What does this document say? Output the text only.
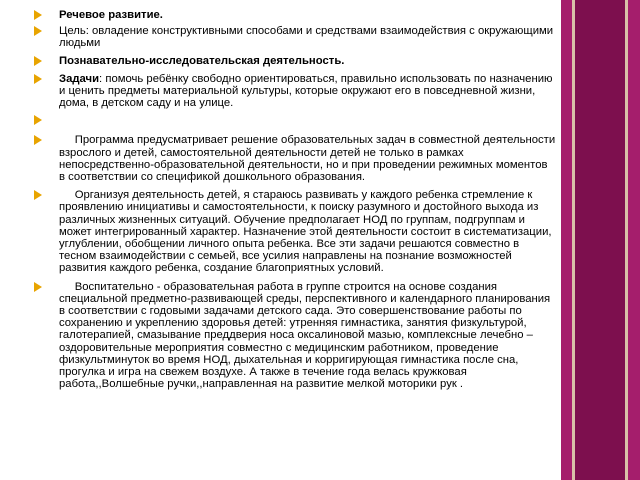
Речевое развитие.
Цель: овладение конструктивными способами и средствами взаимодействия с окружающими людьми
Познавательно-исследовательская деятельность.
Задачи: помочь ребёнку свободно ориентироваться, правильно использовать по назначению и ценить предметы материальной культуры, которые окружают его в повседневной жизни, дома, в детском саду и на улице.
Программа предусматривает решение образовательных задач в совместной деятельности взрослого и детей, самостоятельной деятельности детей не только в рамках непосредственно-образовательной деятельности, но и при проведении режимных моментов в соответствии со спецификой дошкольного образования.
Организуя деятельность детей, я стараюсь развивать у каждого ребенка стремление к проявлению инициативы и самостоятельности, к поиску разумного и достойного выхода из различных жизненных ситуаций. Обучение предполагает НОД по группам, подгруппам и может интегрированный характер. Назначение этой деятельности состоит в систематизации, углублении, обобщении личного опыта ребенка. Все эти задачи решаются совместно в тесном взаимодействии с семьей, все усилия направлены на познание возможностей развития каждого ребенка, создание благоприятных условий.
Воспитательно - образовательная работа в группе строится на основе создания специальной предметно-развивающей среды, перспективного и календарного планирования в соответствии с годовыми задачами детского сада. Это совершенствование работы по сохранению и укреплению здоровья детей: утренняя гимнастика, занятия физкультурой, галотерапией, смазывание преддверия носа оксалиновой мазью, комплексные лечебно – оздоровительные мероприятия совместно с медицинским работником, проведение физкультминуток во время НОД, дыхательная и корригирующая гимнастика после сна, прогулка и игра на свежем воздухе. А также в течение года велась кружковая работа,,Волшебные ручки,,направленная на развитие мелкой моторики рук .
